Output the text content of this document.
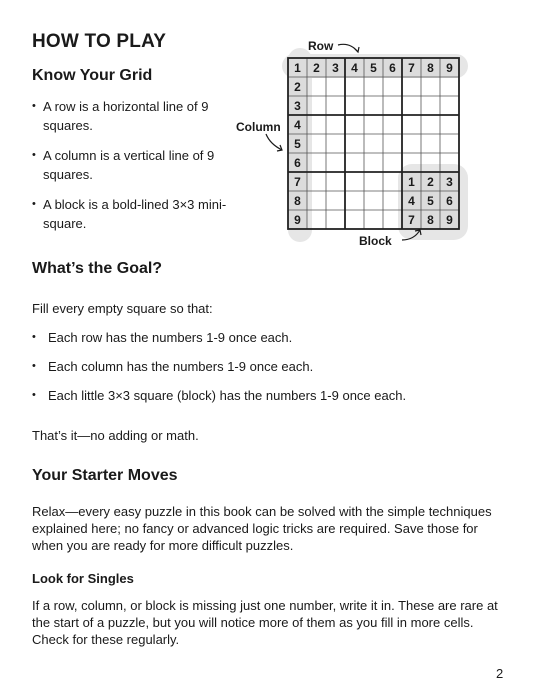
HOW TO PLAY
Know Your Grid
• A row is a horizontal line of 9 squares.
• A column is a vertical line of 9 squares.
• A block is a bold-lined 3×3 mini-square.
1 2 3 4 5 6 7 8 9
2
3
4
5
6
7
8
9
1 2 3
4 5 6
7 8 9
Row
Column
Block
What’s the Goal?

Fill every empty square so that:

• Each row has the numbers 1-9 once each.
• Each column has the numbers 1-9 once each.
• Each little 3×3 square (block) has the numbers 1-9 once each.

That’s it—no adding or math.

Your Starter Moves

Relax—every easy puzzle in this book can be solved with the simple techniques explained here; no fancy or advanced logic tricks are required. Save those for when you are ready for more difficult puzzles.

Look for Singles

If a row, column, or block is missing just one number, write it in. These are rare at the start of a puzzle, but you will notice more of them as you fill in more cells. Check for these regularly.

2
